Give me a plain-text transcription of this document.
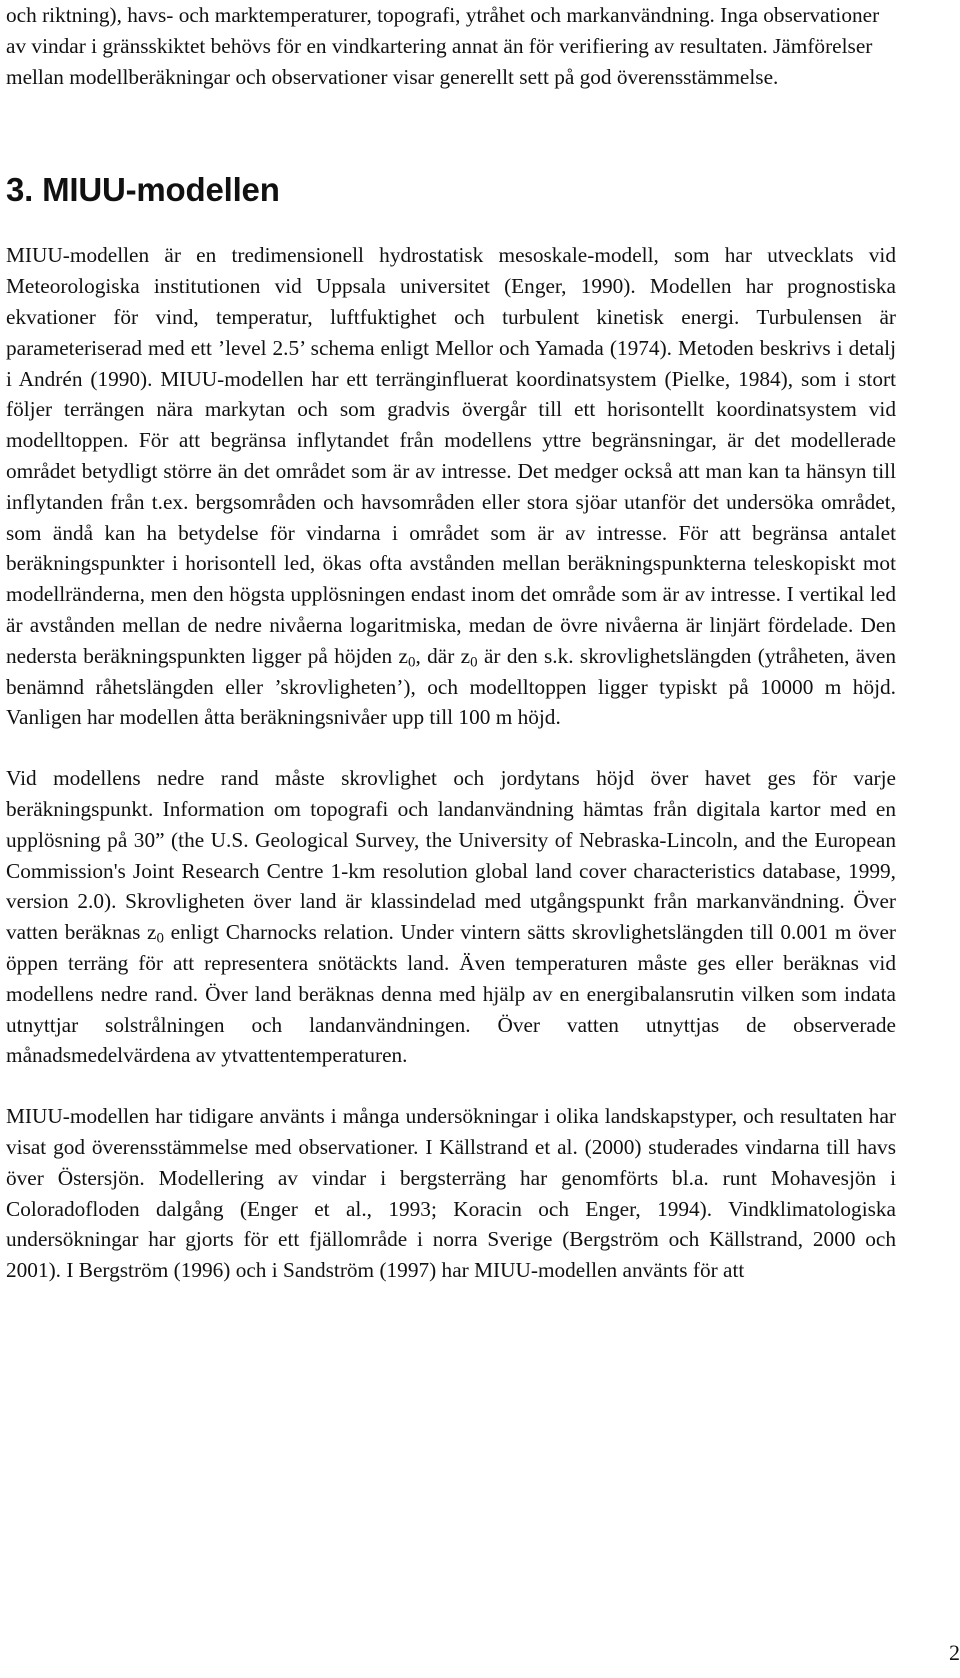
och riktning), havs- och marktemperaturer, topografi, ytråhet och markanvändning. Inga observationer av vindar i gränsskiktet behövs för en vindkartering annat än för verifiering av resultaten. Jämförelser mellan modellberäkningar och observationer visar generellt sett på god överensstämmelse.

3. MIUU-modellen

MIUU-modellen är en tredimensionell hydrostatisk mesoskale-modell, som har utvecklats vid Meteorologiska institutionen vid Uppsala universitet (Enger, 1990). Modellen har prognostiska ekvationer för vind, temperatur, luftfuktighet och turbulent kinetisk energi. Turbulensen är parameteriserad med ett ’level 2.5’ schema enligt Mellor och Yamada (1974). Metoden beskrivs i detalj i Andrén (1990). MIUU-modellen har ett terränginfluerat koordinatsystem (Pielke, 1984), som i stort följer terrängen nära markytan och som gradvis övergår till ett horisontellt koordinatsystem vid modelltoppen. För att begränsa inflytandet från modellens yttre begränsningar, är det modellerade området betydligt större än det området som är av intresse. Det medger också att man kan ta hänsyn till inflytanden från t.ex. bergsområden och havsområden eller stora sjöar utanför det undersöka området, som ändå kan ha betydelse för vindarna i området som är av intresse. För att begränsa antalet beräkningspunkter i horisontell led, ökas ofta avstånden mellan beräkningspunkterna teleskopiskt mot modellränderna, men den högsta upplösningen endast inom det område som är av intresse. I vertikal led är avstånden mellan de nedre nivåerna logaritmiska, medan de övre nivåerna är linjärt fördelade. Den nedersta beräkningspunkten ligger på höjden $z_0$, där $z_0$ är den s.k. skrovlighetslängden (ytråheten, även benämnd råhetslängden eller ’skrovligheten’), och modelltoppen ligger typiskt på 10000 m höjd. Vanligen har modellen åtta beräkningsnivåer upp till 100 m höjd.

Vid modellens nedre rand måste skrovlighet och jordytans höjd över havet ges för varje beräkningspunkt. Information om topografi och landanvändning hämtas från digitala kartor med en upplösning på 30” (the U.S. Geological Survey, the University of Nebraska-Lincoln, and the European Commission's Joint Research Centre 1-km resolution global land cover characteristics database, 1999, version 2.0). Skrovligheten över land är klassindelad med utgångspunkt från markanvändning. Över vatten beräknas $z_0$ enligt Charnocks relation. Under vintern sätts skrovlighetslängden till 0.001 m över öppen terräng för att representera snötäckts land. Även temperaturen måste ges eller beräknas vid modellens nedre rand. Över land beräknas denna med hjälp av en energibalansrutin vilken som indata utnyttjar solstrålningen och landanvändningen. Över vatten utnyttjas de observerade månadsmedelvärdena av ytvattentemperaturen.

MIUU-modellen har tidigare använts i många undersökningar i olika landskapstyper, och resultaten har visat god överensstämmelse med observationer. I Källstrand et al. (2000) studerades vindarna till havs över Östersjön. Modellering av vindar i bergsterräng har genomförts bl.a. runt Mohavesjön i Coloradofloden dalgång (Enger et al., 1993; Koracin och Enger, 1994). Vindklimatologiska undersökningar har gjorts för ett fjällområde i norra Sverige (Bergström och Källstrand, 2000 och 2001). I Bergström (1996) och i Sandström (1997) har MIUU-modellen använts för att

2
